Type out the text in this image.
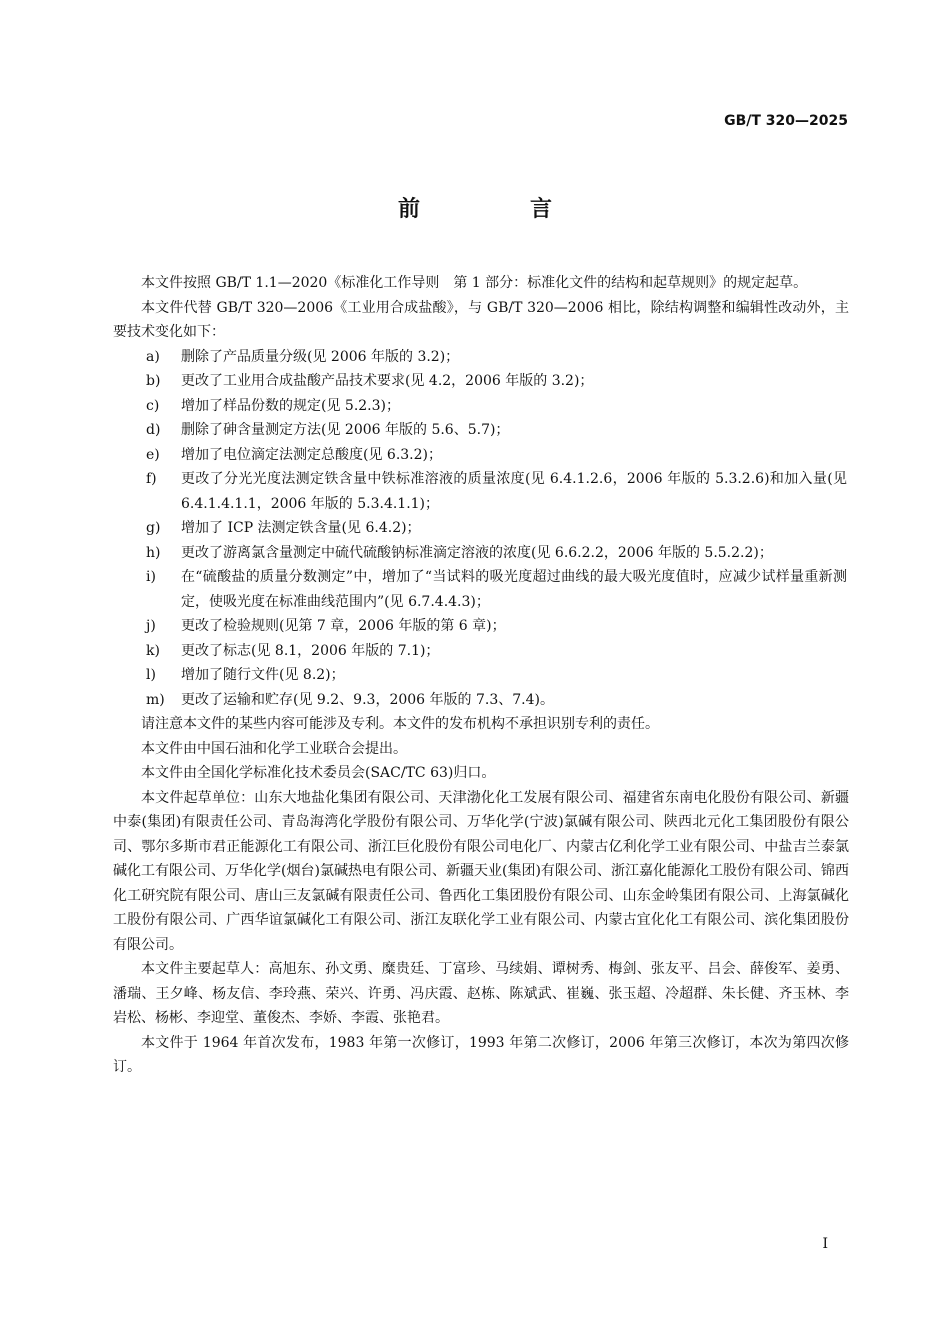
GB/T 320—2025
前　言

本文件按照 GB/T 1.1—2020《标准化工作导则　第 1 部分：标准化文件的结构和起草规则》的规定起草。

本文件代替 GB/T 320—2006《工业用合成盐酸》，与 GB/T 320—2006 相比，除结构调整和编辑性改动外，主要技术变化如下：

a) 删除了产品质量分级(见 2006 年版的 3.2)；
b) 更改了工业用合成盐酸产品技术要求(见 4.2，2006 年版的 3.2)；
c) 增加了样品份数的规定(见 5.2.3)；
d) 删除了砷含量测定方法(见 2006 年版的 5.6、5.7)；
e) 增加了电位滴定法测定总酸度(见 6.3.2)；
f) 更改了分光光度法测定铁含量中铁标准溶液的质量浓度(见 6.4.1.2.6，2006 年版的 5.3.2.6)和加入量(见 6.4.1.4.1.1，2006 年版的 5.3.4.1.1)；
g) 增加了 ICP 法测定铁含量(见 6.4.2)；
h) 更改了游离氯含量测定中硫代硫酸钠标准滴定溶液的浓度(见 6.6.2.2，2006 年版的 5.5.2.2)；
i) 在“硫酸盐的质量分数测定”中，增加了“当试料的吸光度超过曲线的最大吸光度值时，应减少试样量重新测定，使吸光度在标准曲线范围内”(见 6.7.4.4.3)；
j) 更改了检验规则(见第 7 章，2006 年版的第 6 章)；
k) 更改了标志(见 8.1，2006 年版的 7.1)；
l) 增加了随行文件(见 8.2)；
m) 更改了运输和贮存(见 9.2、9.3，2006 年版的 7.3、7.4)。

请注意本文件的某些内容可能涉及专利。本文件的发布机构不承担识别专利的责任。

本文件由中国石油和化学工业联合会提出。

本文件由全国化学标准化技术委员会(SAC/TC 63)归口。

本文件起草单位：山东大地盐化集团有限公司、天津渤化化工发展有限公司、福建省东南电化股份有限公司、新疆中泰(集团)有限责任公司、青岛海湾化学股份有限公司、万华化学(宁波)氯碱有限公司、陕西北元化工集团股份有限公司、鄂尔多斯市君正能源化工有限公司、浙江巨化股份有限公司电化厂、内蒙古亿利化学工业有限公司、中盐吉兰泰氯碱化工有限公司、万华化学(烟台)氯碱热电有限公司、新疆天业(集团)有限公司、浙江嘉化能源化工股份有限公司、锦西化工研究院有限公司、唐山三友氯碱有限责任公司、鲁西化工集团股份有限公司、山东金岭集团有限公司、上海氯碱化工股份有限公司、广西华谊氯碱化工有限公司、浙江友联化学工业有限公司、内蒙古宜化化工有限公司、滨化集团股份有限公司。

本文件主要起草人：高旭东、孙文勇、糜贵廷、丁富珍、马续娟、谭树秀、梅剑、张友平、吕会、薛俊军、姜勇、潘瑞、王夕峰、杨友信、李玲燕、荣兴、许勇、冯庆霞、赵栋、陈斌武、崔巍、张玉超、冷超群、朱长健、齐玉林、李岩松、杨彬、李迎堂、董俊杰、李娇、李霞、张艳君。

本文件于 1964 年首次发布，1983 年第一次修订，1993 年第二次修订，2006 年第三次修订，本次为第四次修订。

I
